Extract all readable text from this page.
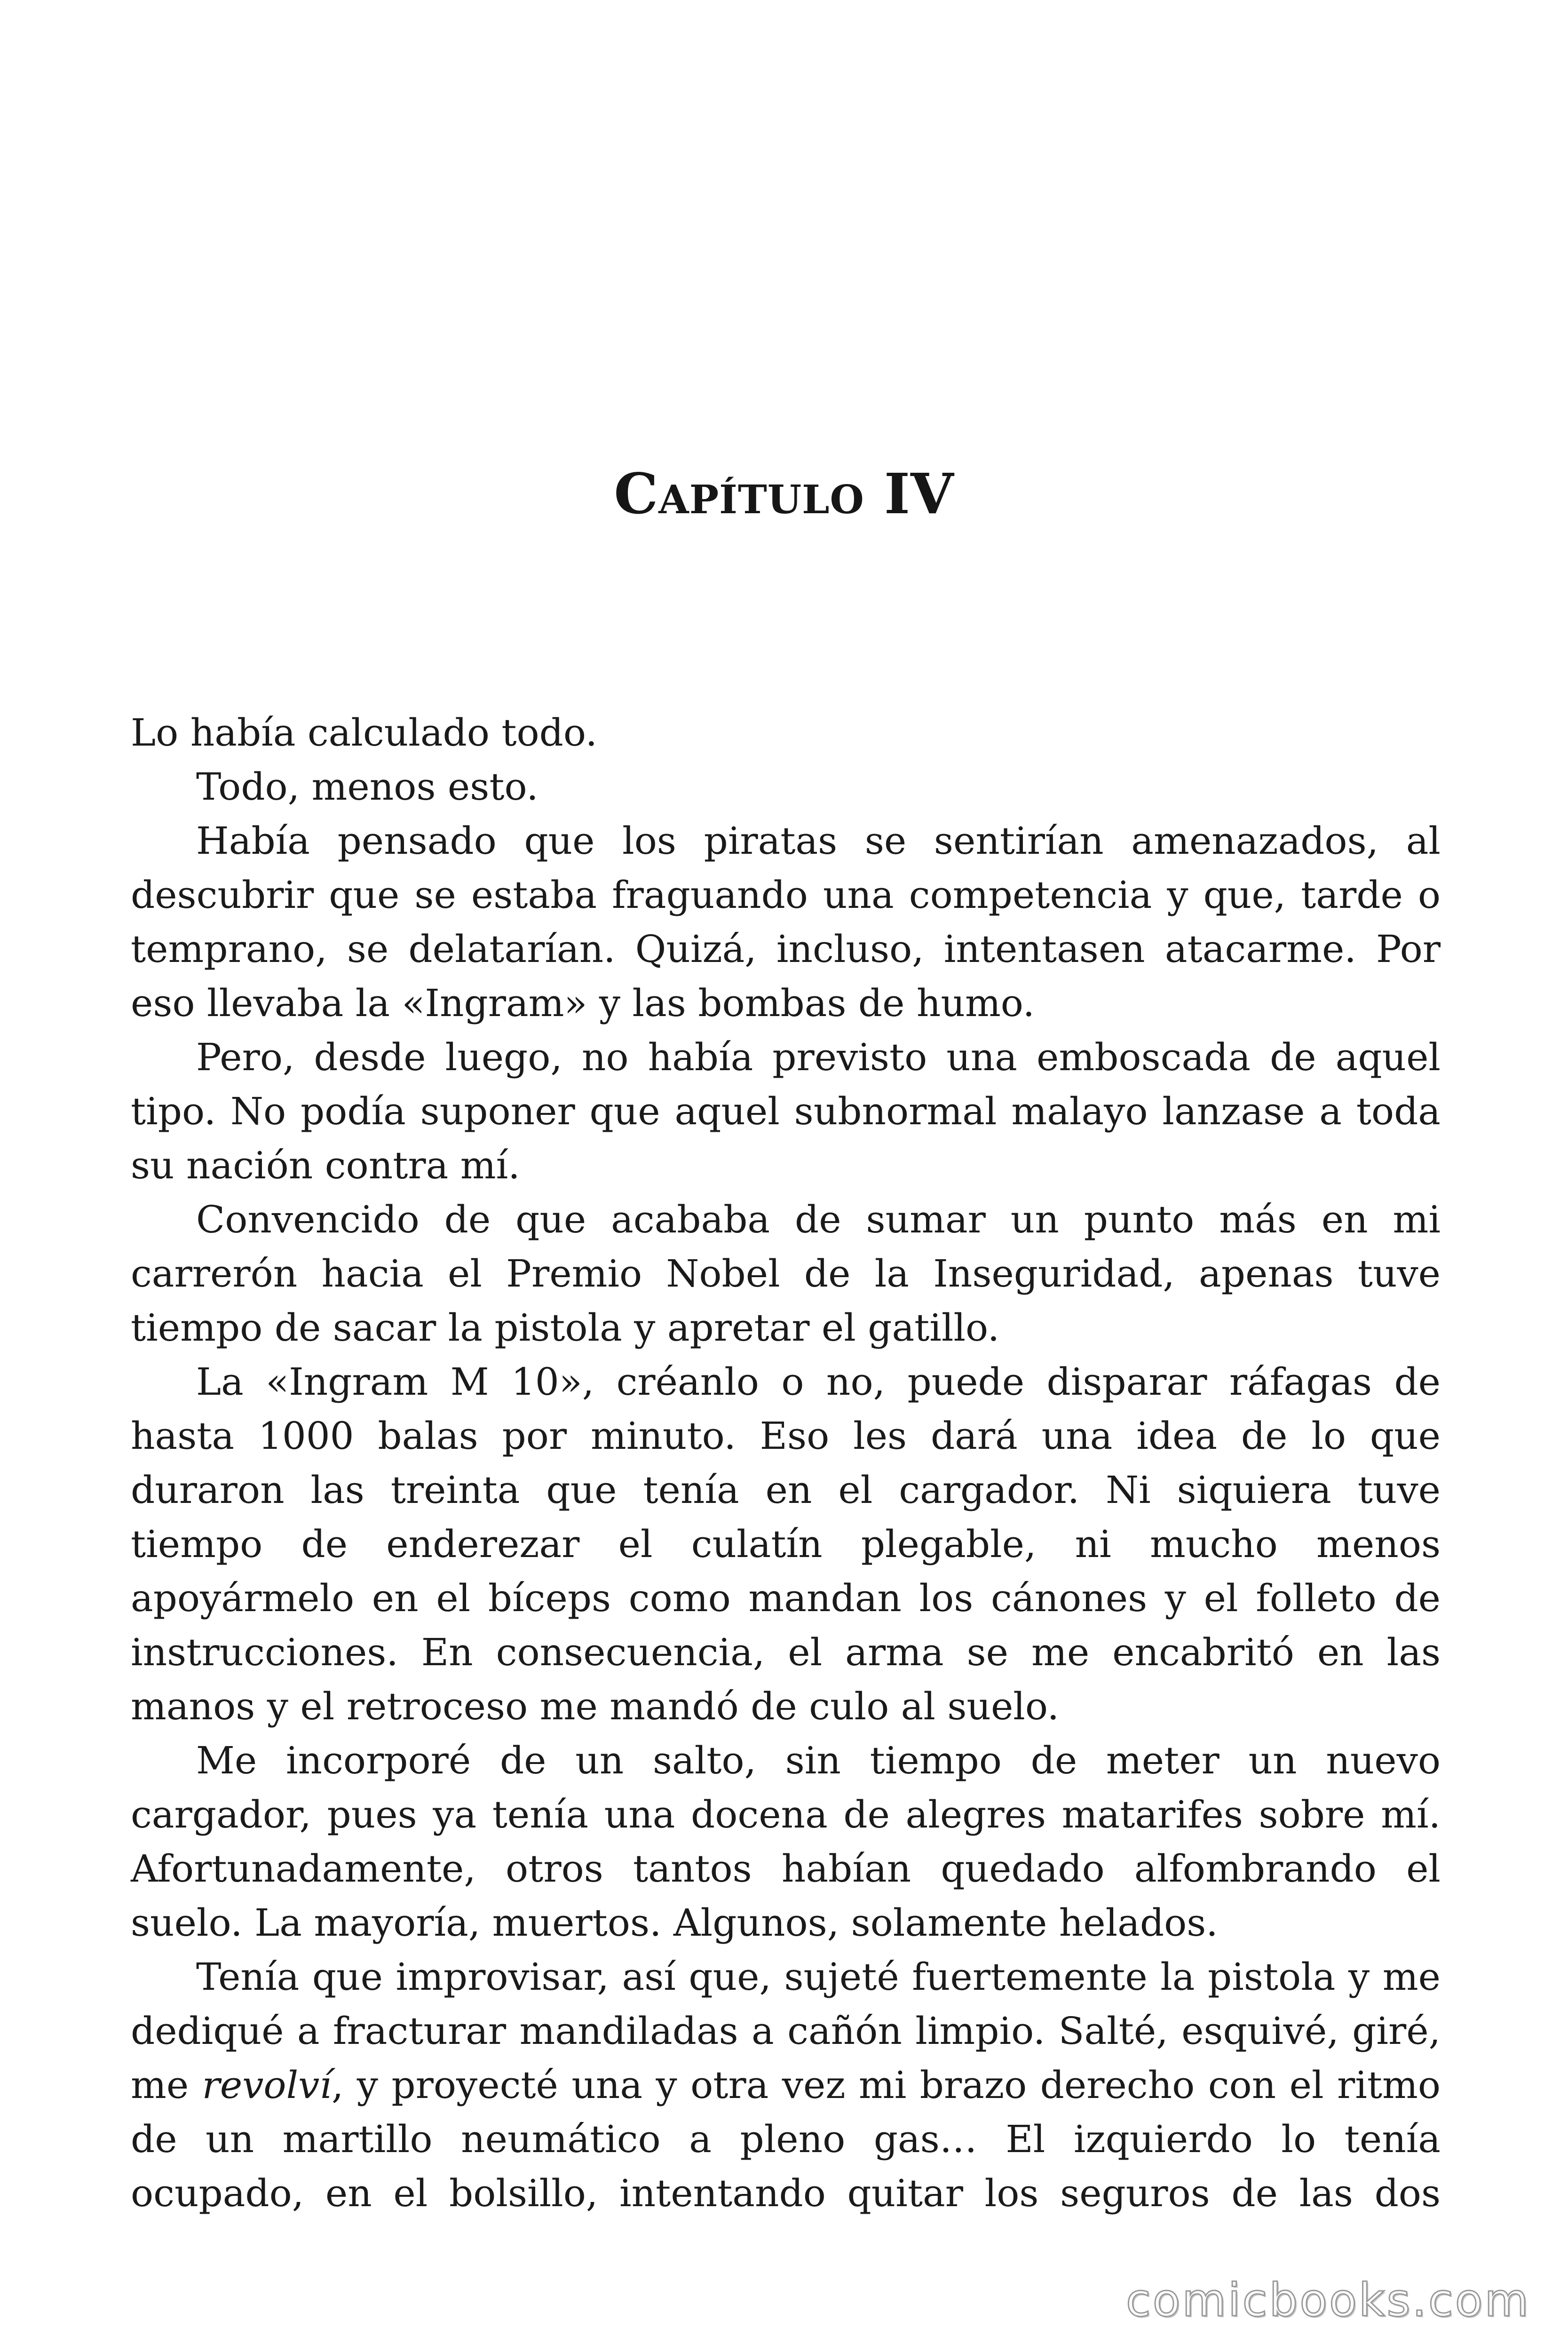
Capítulo IV

Lo había calculado todo.

Todo, menos esto.

Había pensado que los piratas se sentirían amenazados, al descubrir que se estaba fraguando una competencia y que, tarde o temprano, se delatarían. Quizá, incluso, intentasen atacarme. Por eso llevaba la «Ingram» y las bombas de humo.

Pero, desde luego, no había previsto una emboscada de aquel tipo. No podía suponer que aquel subnormal malayo lanzase a toda su nación contra mí.

Convencido de que acababa de sumar un punto más en mi carrerón hacia el Premio Nobel de la Inseguridad, apenas tuve tiempo de sacar la pistola y apretar el gatillo.

La «Ingram M 10», créanlo o no, puede disparar ráfagas de hasta 1000 balas por minuto. Eso les dará una idea de lo que duraron las treinta que tenía en el cargador. Ni siquiera tuve tiempo de enderezar el culatín plegable, ni mucho menos apoyármelo en el bíceps como mandan los cánones y el folleto de instrucciones. En consecuencia, el arma se me encabritó en las manos y el retroceso me mandó de culo al suelo.

Me incorporé de un salto, sin tiempo de meter un nuevo cargador, pues ya tenía una docena de alegres matarifes sobre mí. Afortunadamente, otros tantos habían quedado alfombrando el suelo. La mayoría, muertos. Algunos, solamente helados.

Tenía que improvisar, así que, sujeté fuertemente la pistola y me dediqué a fracturar mandiladas a cañón limpio. Salté, esquivé, giré, me revolví, y proyecté una y otra vez mi brazo derecho con el ritmo de un martillo neumático a pleno gas… El izquierdo lo tenía ocupado, en el bolsillo, intentando quitar los seguros de las dos

comicbooks.com
